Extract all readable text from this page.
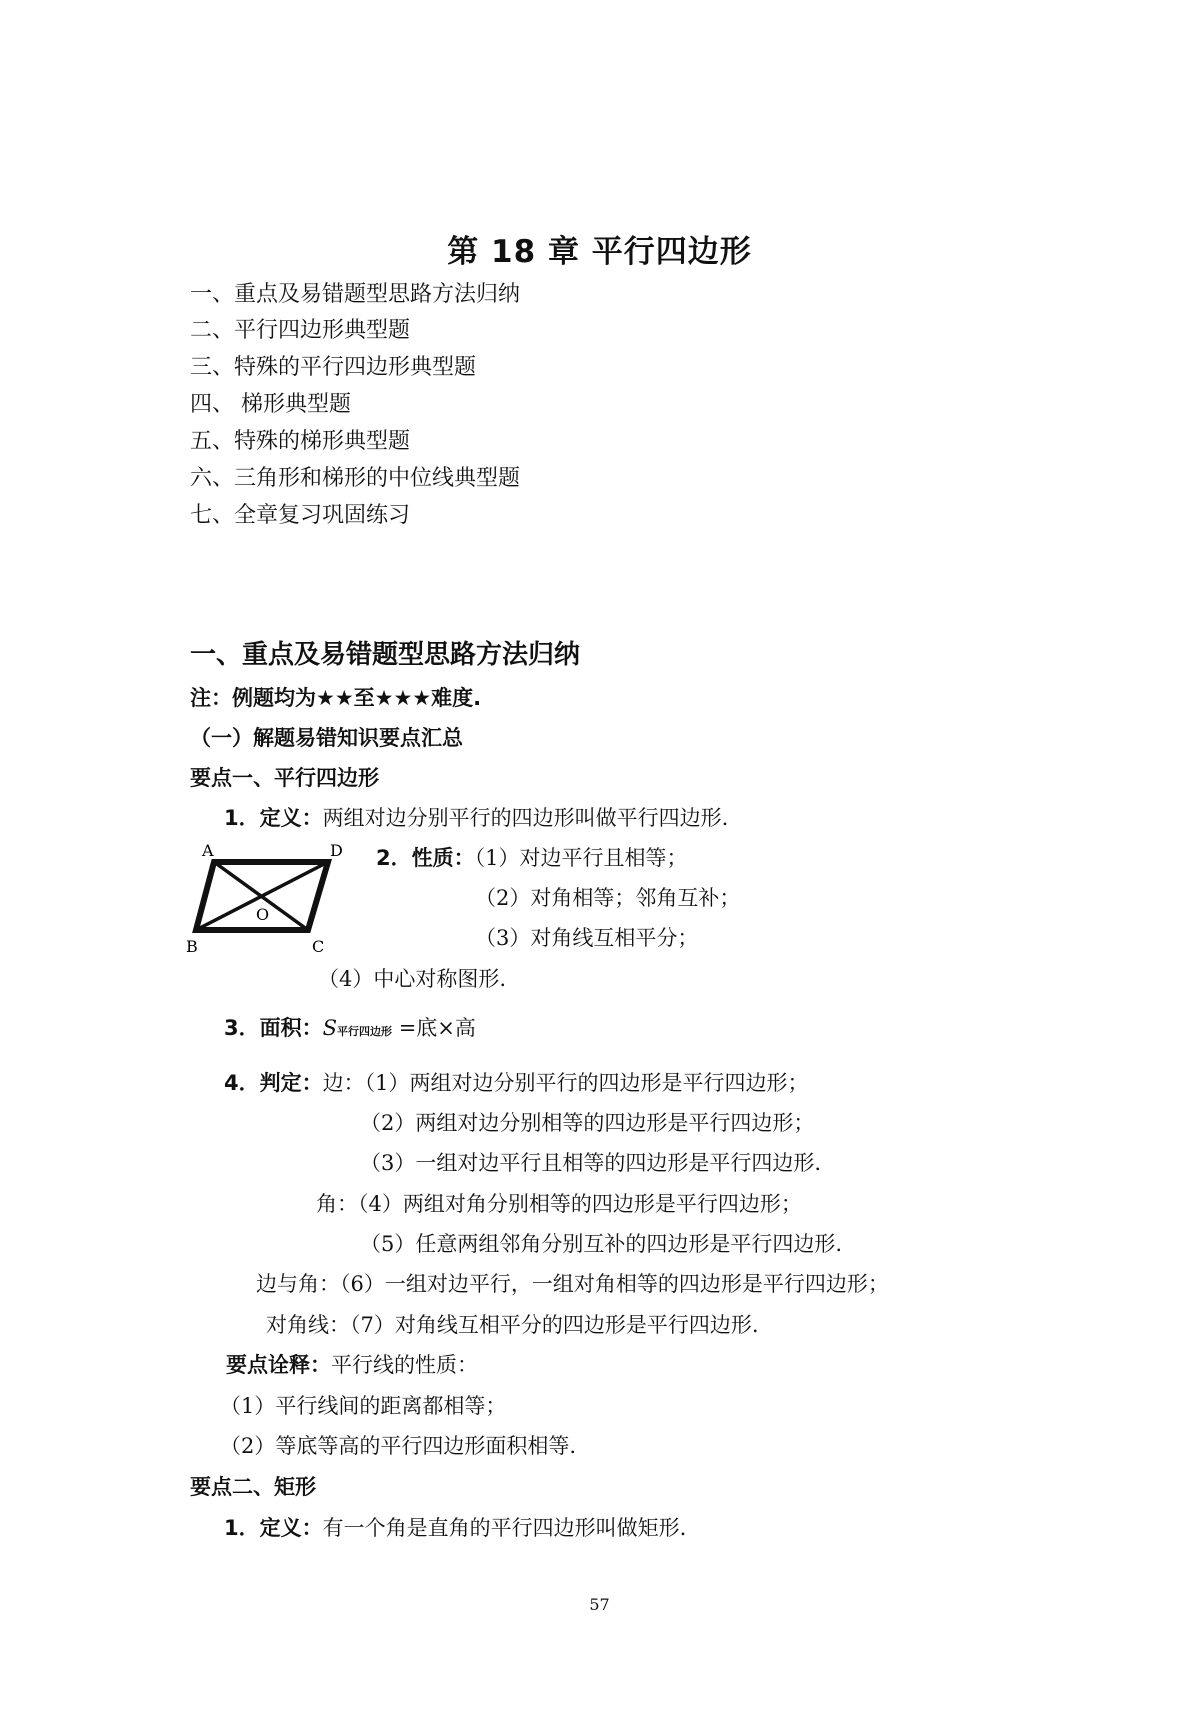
第 18 章 平行四边形
一、重点及易错题型思路方法归纳
二、平行四边形典型题
三、特殊的平行四边形典型题
四、 梯形典型题
五、特殊的梯形典型题
六、三角形和梯形的中位线典型题
七、全章复习巩固练习
一、重点及易错题型思路方法归纳
注：例题均为★★至★★★难度.
（一）解题易错知识要点汇总
要点一、平行四边形
1．定义：两组对边分别平行的四边形叫做平行四边形.
A	D
B	C
O
2．性质：（1）对边平行且相等；
（2）对角相等；邻角互补；
（3）对角线互相平分；
（4）中心对称图形.
3．面积：S平行四边形 =底×高
4．判定：边：（1）两组对边分别平行的四边形是平行四边形；
（2）两组对边分别相等的四边形是平行四边形；
（3）一组对边平行且相等的四边形是平行四边形.
角：（4）两组对角分别相等的四边形是平行四边形；
（5）任意两组邻角分别互补的四边形是平行四边形.
边与角：（6）一组对边平行，一组对角相等的四边形是平行四边形；
对角线：（7）对角线互相平分的四边形是平行四边形.
要点诠释：平行线的性质：
（1）平行线间的距离都相等；
（2）等底等高的平行四边形面积相等.
要点二、矩形
1．定义：有一个角是直角的平行四边形叫做矩形.
57
